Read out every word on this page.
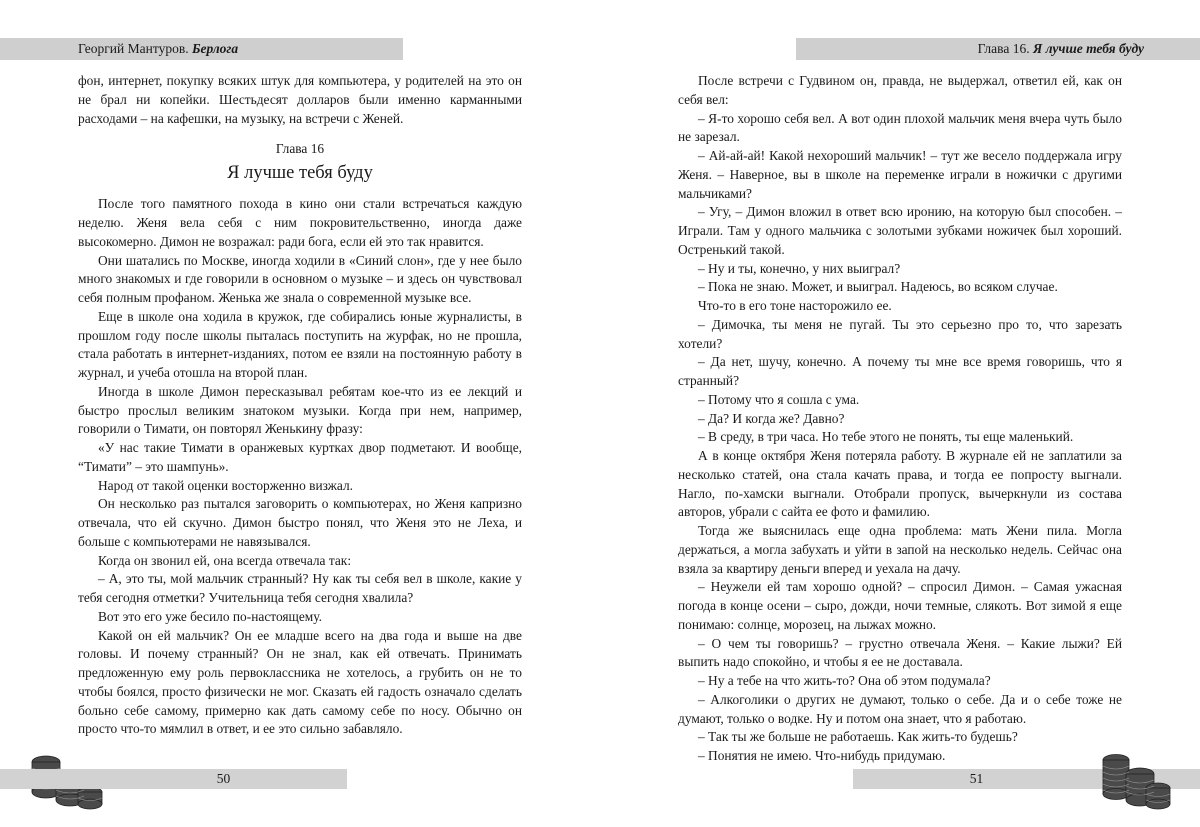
Георгий Мантуров. Берлога

фон, интернет, покупку всяких штук для компьютера, у родителей на это он не брал ни копейки. Шестьдесят долларов были именно карманными расходами – на кафешки, на музыку, на встречи с Женей.

Глава 16
Я лучше тебя буду

После того памятного похода в кино они стали встречаться каждую неделю. Женя вела себя с ним покровительственно, иногда даже высокомерно. Димон не возражал: ради бога, если ей это так нравится.

Они шатались по Москве, иногда ходили в «Синий слон», где у нее было много знакомых и где говорили в основном о музыке – и здесь он чувствовал себя полным профаном. Женька же знала о современной музыке все.

Еще в школе она ходила в кружок, где собирались юные журналисты, в прошлом году после школы пыталась поступить на журфак, но не прошла, стала работать в интернет-изданиях, потом ее взяли на постоянную работу в журнал, и учеба отошла на второй план.

Иногда в школе Димон пересказывал ребятам кое-что из ее лекций и быстро прослыл великим знатоком музыки. Когда при нем, например, говорили о Тимати, он повторял Женькину фразу:

«У нас такие Тимати в оранжевых куртках двор подметают. И вообще, “Тимати” – это шампунь».

Народ от такой оценки восторженно визжал.

Он несколько раз пытался заговорить о компьютерах, но Женя капризно отвечала, что ей скучно. Димон быстро понял, что Женя это не Леха, и больше с компьютерами не навязывался.

Когда он звонил ей, она всегда отвечала так:

– А, это ты, мой мальчик странный? Ну как ты себя вел в школе, какие у тебя сегодня отметки? Учительница тебя сегодня хвалила?

Вот это его уже бесило по-настоящему.

Какой он ей мальчик? Он ее младше всего на два года и выше на две головы. И почему странный? Он не знал, как ей отвечать. Принимать предложенную ему роль первоклассника не хотелось, а грубить он не то чтобы боялся, просто физически не мог. Сказать ей гадость означало сделать больно себе самому, примерно как дать самому себе по носу. Обычно он просто что-то мямлил в ответ, и ее это сильно забавляло.

50
Глава 16. Я лучше тебя буду

После встречи с Гудвином он, правда, не выдержал, ответил ей, как он себя вел:

– Я-то хорошо себя вел. А вот один плохой мальчик меня вчера чуть было не зарезал.

– Ай-ай-ай! Какой нехороший мальчик! – тут же весело поддержала игру Женя. – Наверное, вы в школе на переменке играли в ножички с другими мальчиками?

– Угу, – Димон вложил в ответ всю иронию, на которую был способен. – Играли. Там у одного мальчика с золотыми зубками ножичек был хороший. Остренький такой.

– Ну и ты, конечно, у них выиграл?

– Пока не знаю. Может, и выиграл. Надеюсь, во всяком случае.

Что-то в его тоне насторожило ее.

– Димочка, ты меня не пугай. Ты это серьезно про то, что зарезать хотели?

– Да нет, шучу, конечно. А почему ты мне все время говоришь, что я странный?

– Потому что я сошла с ума.

– Да? И когда же? Давно?

– В среду, в три часа. Но тебе этого не понять, ты еще маленький.

А в конце октября Женя потеряла работу. В журнале ей не заплатили за несколько статей, она стала качать права, и тогда ее попросту выгнали. Нагло, по-хамски выгнали. Отобрали пропуск, вычеркнули из состава авторов, убрали с сайта ее фото и фамилию.

Тогда же выяснилась еще одна проблема: мать Жени пила. Могла держаться, а могла забухать и уйти в запой на несколько недель. Сейчас она взяла за квартиру деньги вперед и уехала на дачу.

– Неужели ей там хорошо одной? – спросил Димон. – Самая ужасная погода в конце осени – сыро, дожди, ночи темные, слякоть. Вот зимой я еще понимаю: солнце, морозец, на лыжах можно.

– О чем ты говоришь? – грустно отвечала Женя. – Какие лыжи? Ей выпить надо спокойно, и чтобы я ее не доставала.

– Ну а тебе на что жить-то? Она об этом подумала?

– Алкоголики о других не думают, только о себе. Да и о себе тоже не думают, только о водке. Ну и потом она знает, что я работаю.

– Так ты же больше не работаешь. Как жить-то будешь?

– Понятия не имею. Что-нибудь придумаю.

51
